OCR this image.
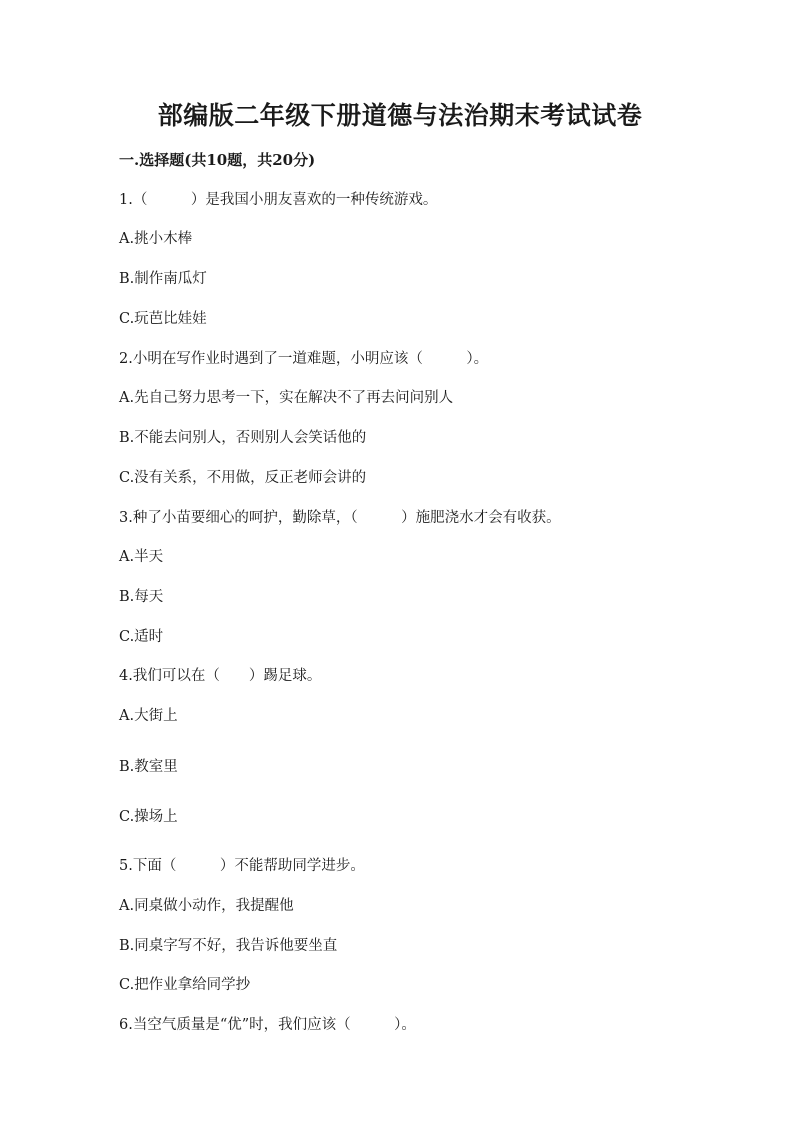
部编版二年级下册道德与法治期末考试试卷
一.选择题(共10题，共20分)
1.（　　　）是我国小朋友喜欢的一种传统游戏。
A.挑小木棒
B.制作南瓜灯
C.玩芭比娃娃
2.小明在写作业时遇到了一道难题，小明应该（　　　）。
A.先自己努力思考一下，实在解决不了再去问问别人
B.不能去问别人，否则别人会笑话他的
C.没有关系，不用做，反正老师会讲的
3.种了小苗要细心的呵护，勤除草，（　　　）施肥浇水才会有收获。
A.半天
B.每天
C.适时
4.我们可以在（　　）踢足球。
A.大街上
B.教室里
C.操场上
5.下面（　　　）不能帮助同学进步。
A.同桌做小动作，我提醒他
B.同桌字写不好，我告诉他要坐直
C.把作业拿给同学抄
6.当空气质量是“优”时，我们应该（　　　）。
